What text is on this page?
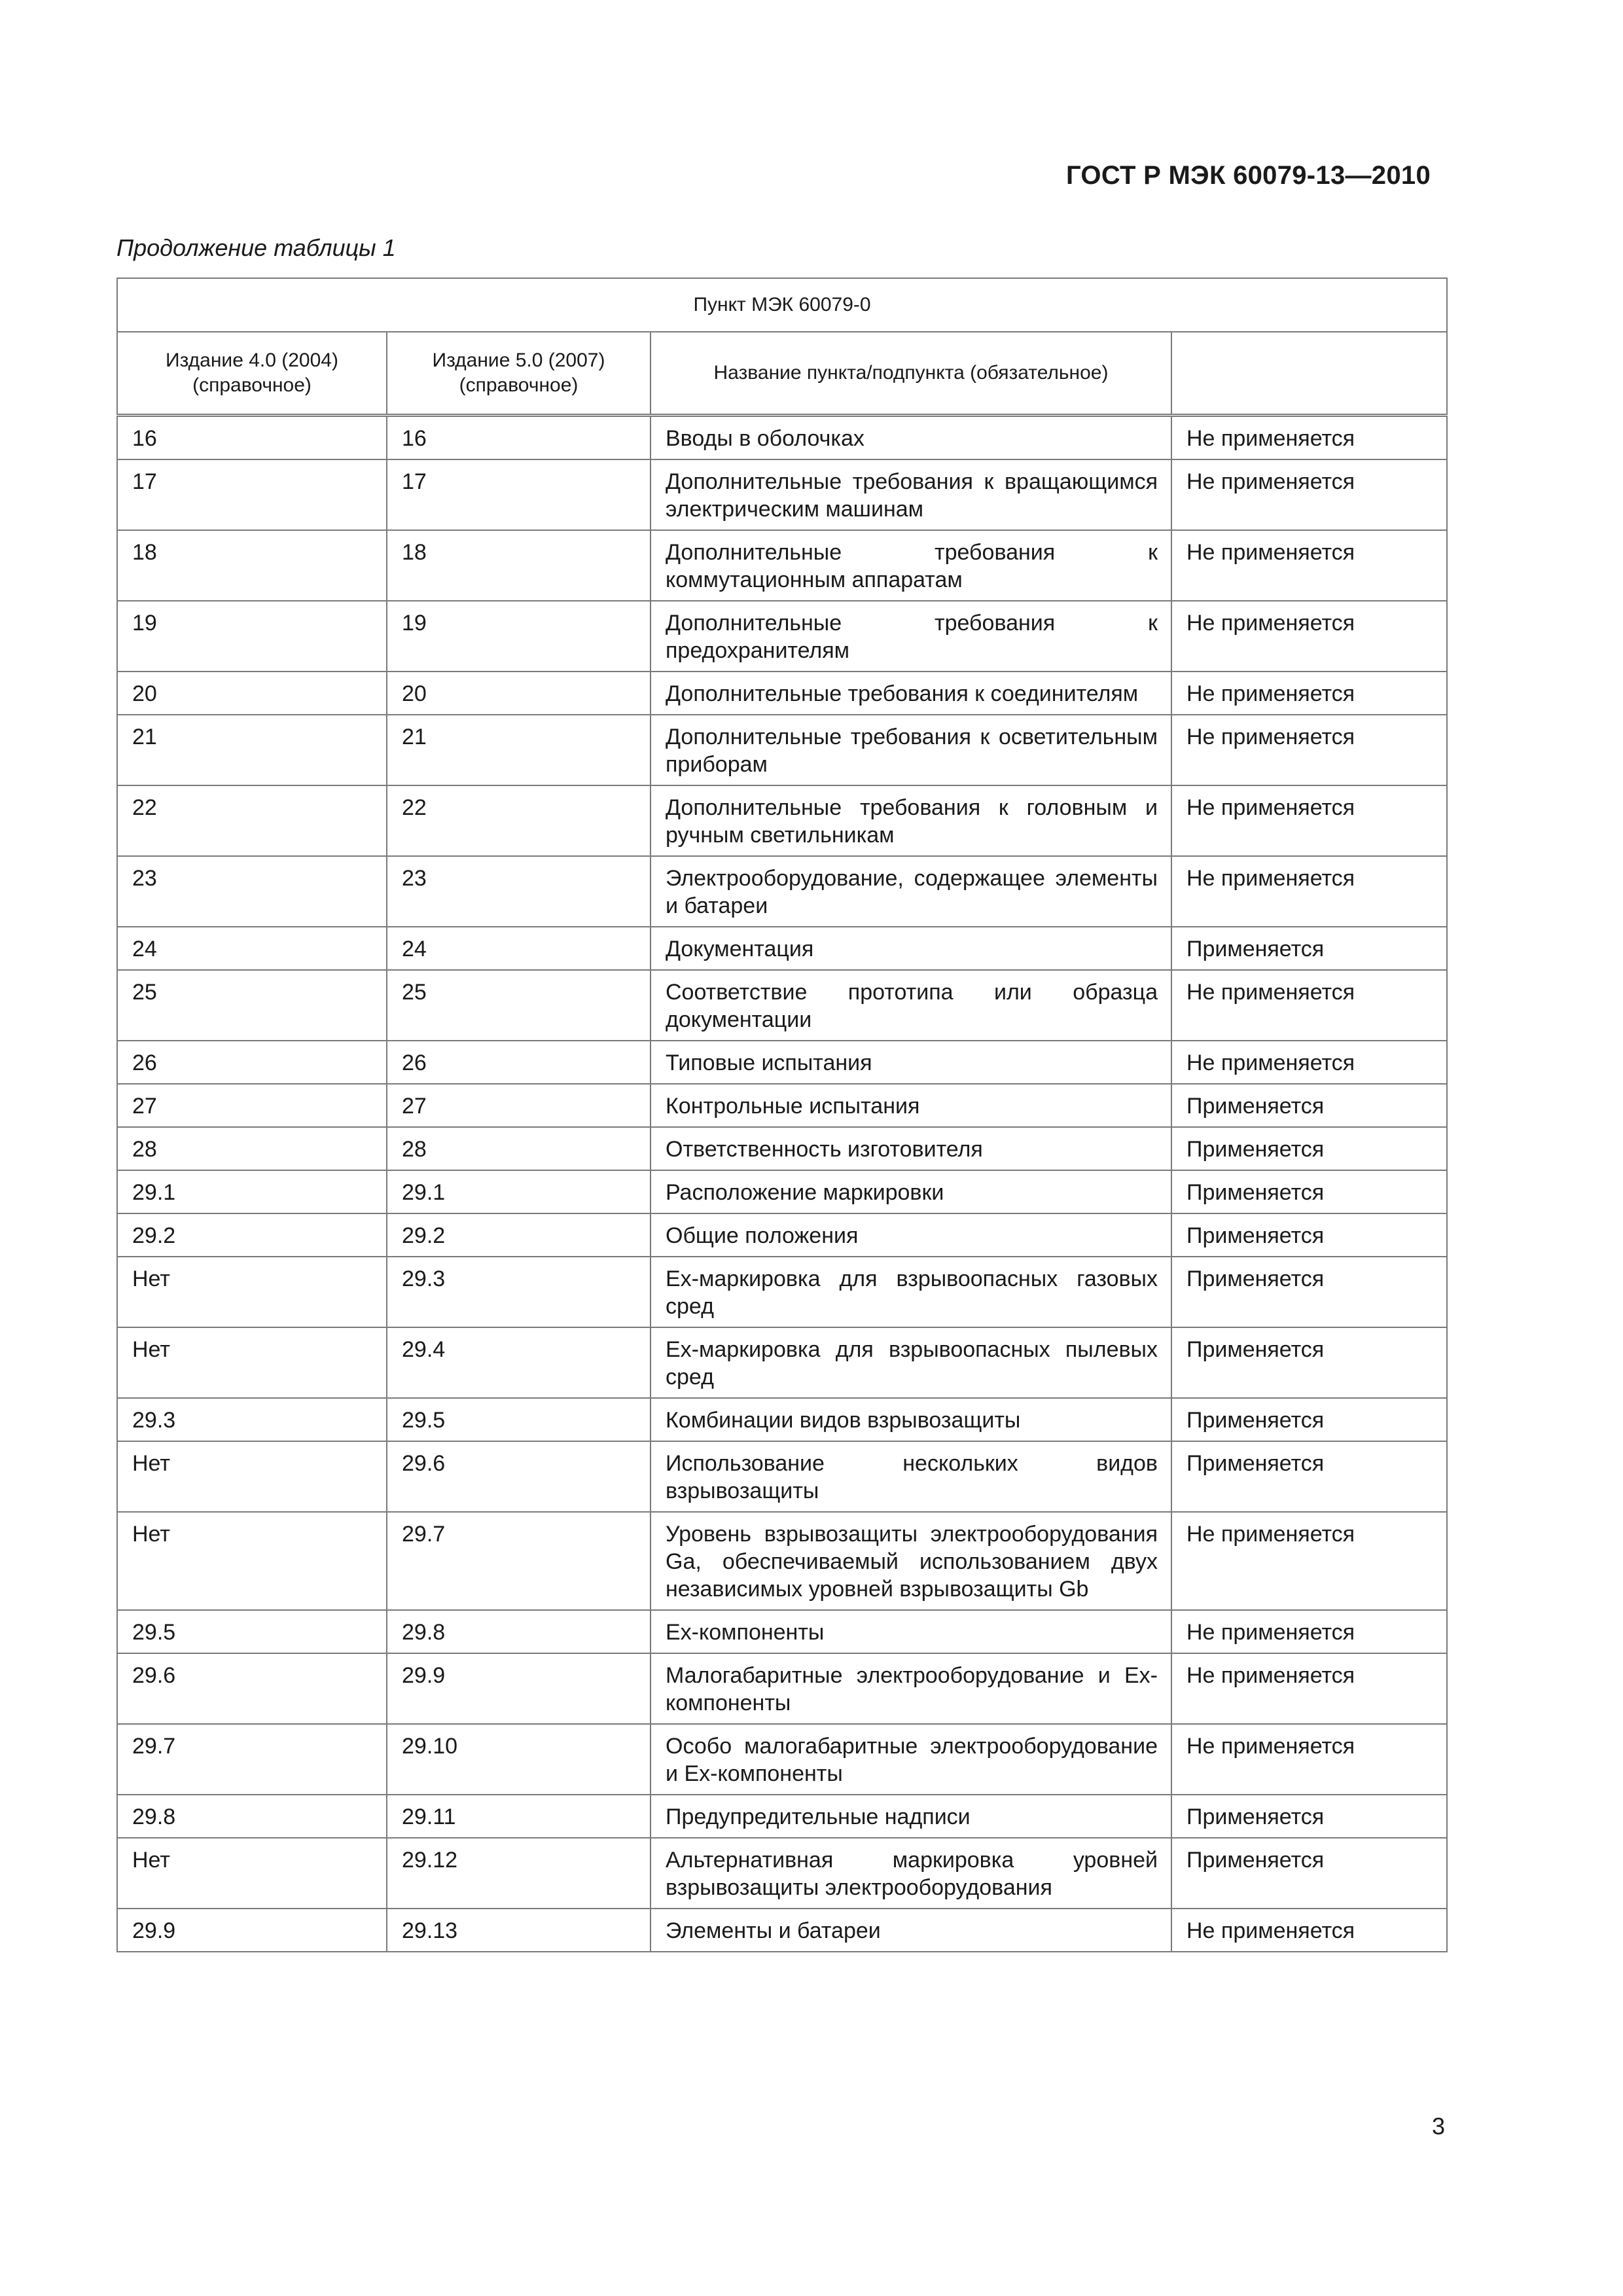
ГОСТ Р МЭК 60079-13—2010
Продолжение таблицы 1
Пункт МЭК 60079-0			
Издание 4.0 (2004) (справочное)	Издание 5.0 (2007) (справочное)	Название пункта/подпункта (обязательное)	
16	16	Вводы в оболочках	Не применяется
17	17	Дополнительные требования к вращающимся электрическим машинам	Не применяется
18	18	Дополнительные требования к коммутационным аппаратам	Не применяется
19	19	Дополнительные требования к предохранителям	Не применяется
20	20	Дополнительные требования к соединителям	Не применяется
21	21	Дополнительные требования к осветительным приборам	Не применяется
22	22	Дополнительные требования к головным и ручным светильникам	Не применяется
23	23	Электрооборудование, содержащее элементы и батареи	Не применяется
24	24	Документация	Применяется
25	25	Соответствие прототипа или образца документации	Не применяется
26	26	Типовые испытания	Не применяется
27	27	Контрольные испытания	Применяется
28	28	Ответственность изготовителя	Применяется
29.1	29.1	Расположение маркировки	Применяется
29.2	29.2	Общие положения	Применяется
Нет	29.3	Ex-маркировка для взрывоопасных газовых сред	Применяется
Нет	29.4	Ex-маркировка для взрывоопасных пылевых сред	Применяется
29.3	29.5	Комбинации видов взрывозащиты	Применяется
Нет	29.6	Использование нескольких видов взрывозащиты	Применяется
Нет	29.7	Уровень взрывозащиты электрооборудования Ga, обеспечиваемый использованием двух независимых уровней взрывозащиты Gb	Не применяется
29.5	29.8	Ex-компоненты	Не применяется
29.6	29.9	Малогабаритные электрооборудование и Ex-компоненты	Не применяется
29.7	29.10	Особо малогабаритные электрооборудование и Ex-компоненты	Не применяется
29.8	29.11	Предупредительные надписи	Применяется
Нет	29.12	Альтернативная маркировка уровней взрывозащиты электрооборудования	Применяется
29.9	29.13	Элементы и батареи	Не применяется
3
